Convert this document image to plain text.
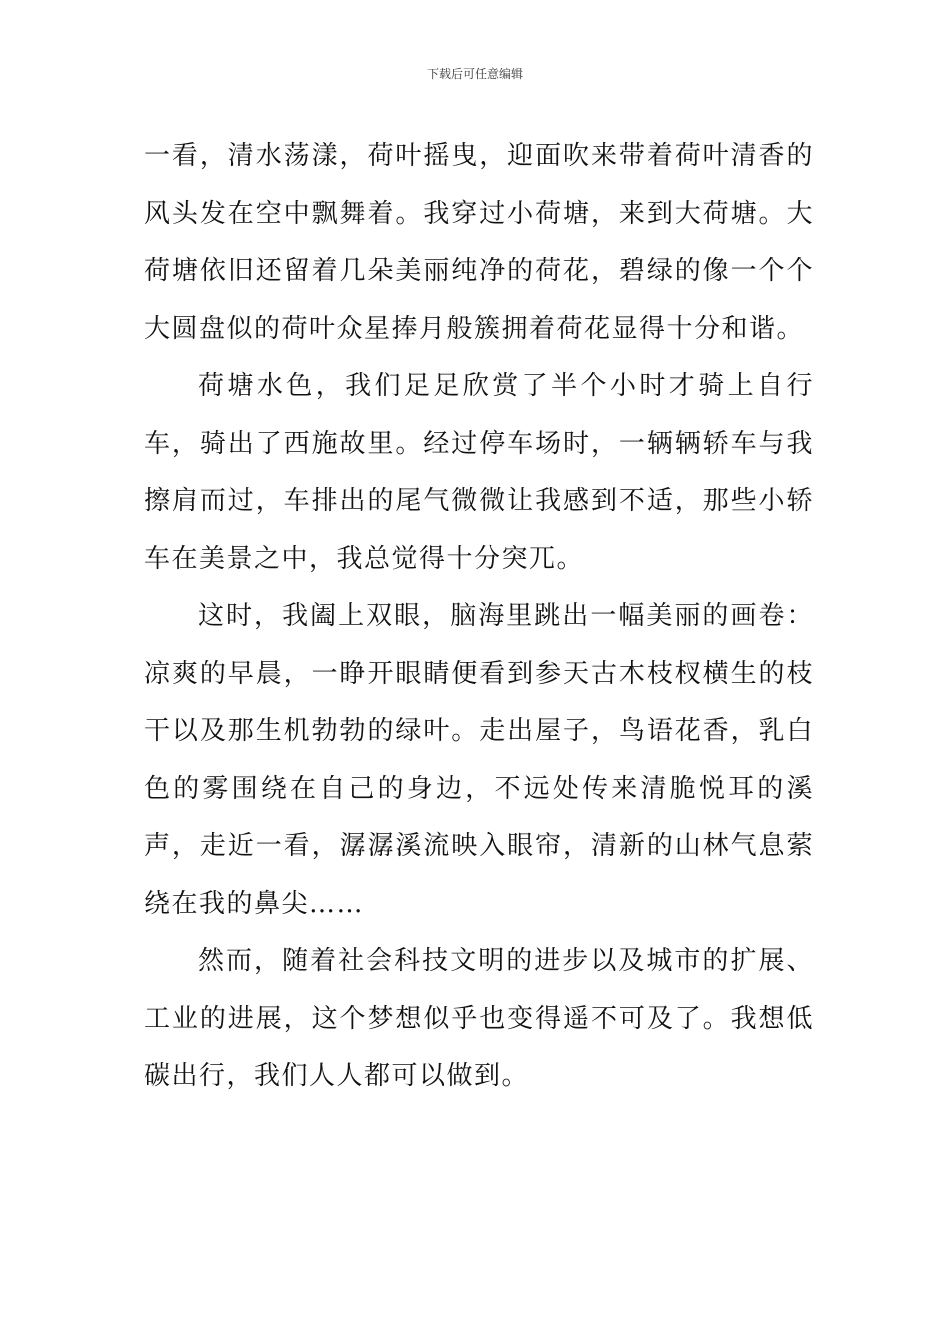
下载后可任意编辑

一看，清水荡漾，荷叶摇曳，迎面吹来带着荷叶清香的风头发在空中飘舞着。我穿过小荷塘，来到大荷塘。大荷塘依旧还留着几朵美丽纯净的荷花，碧绿的像一个个大圆盘似的荷叶众星捧月般簇拥着荷花显得十分和谐。

荷塘水色，我们足足欣赏了半个小时才骑上自行车，骑出了西施故里。经过停车场时，一辆辆轿车与我擦肩而过，车排出的尾气微微让我感到不适，那些小轿车在美景之中，我总觉得十分突兀。

这时，我阖上双眼，脑海里跳出一幅美丽的画卷：凉爽的早晨，一睁开眼睛便看到参天古木枝杈横生的枝干以及那生机勃勃的绿叶。走出屋子，鸟语花香，乳白色的雾围绕在自己的身边，不远处传来清脆悦耳的溪声，走近一看，潺潺溪流映入眼帘，清新的山林气息萦绕在我的鼻尖……

然而，随着社会科技文明的进步以及城市的扩展、工业的进展，这个梦想似乎也变得遥不可及了。我想低碳出行，我们人人都可以做到。
